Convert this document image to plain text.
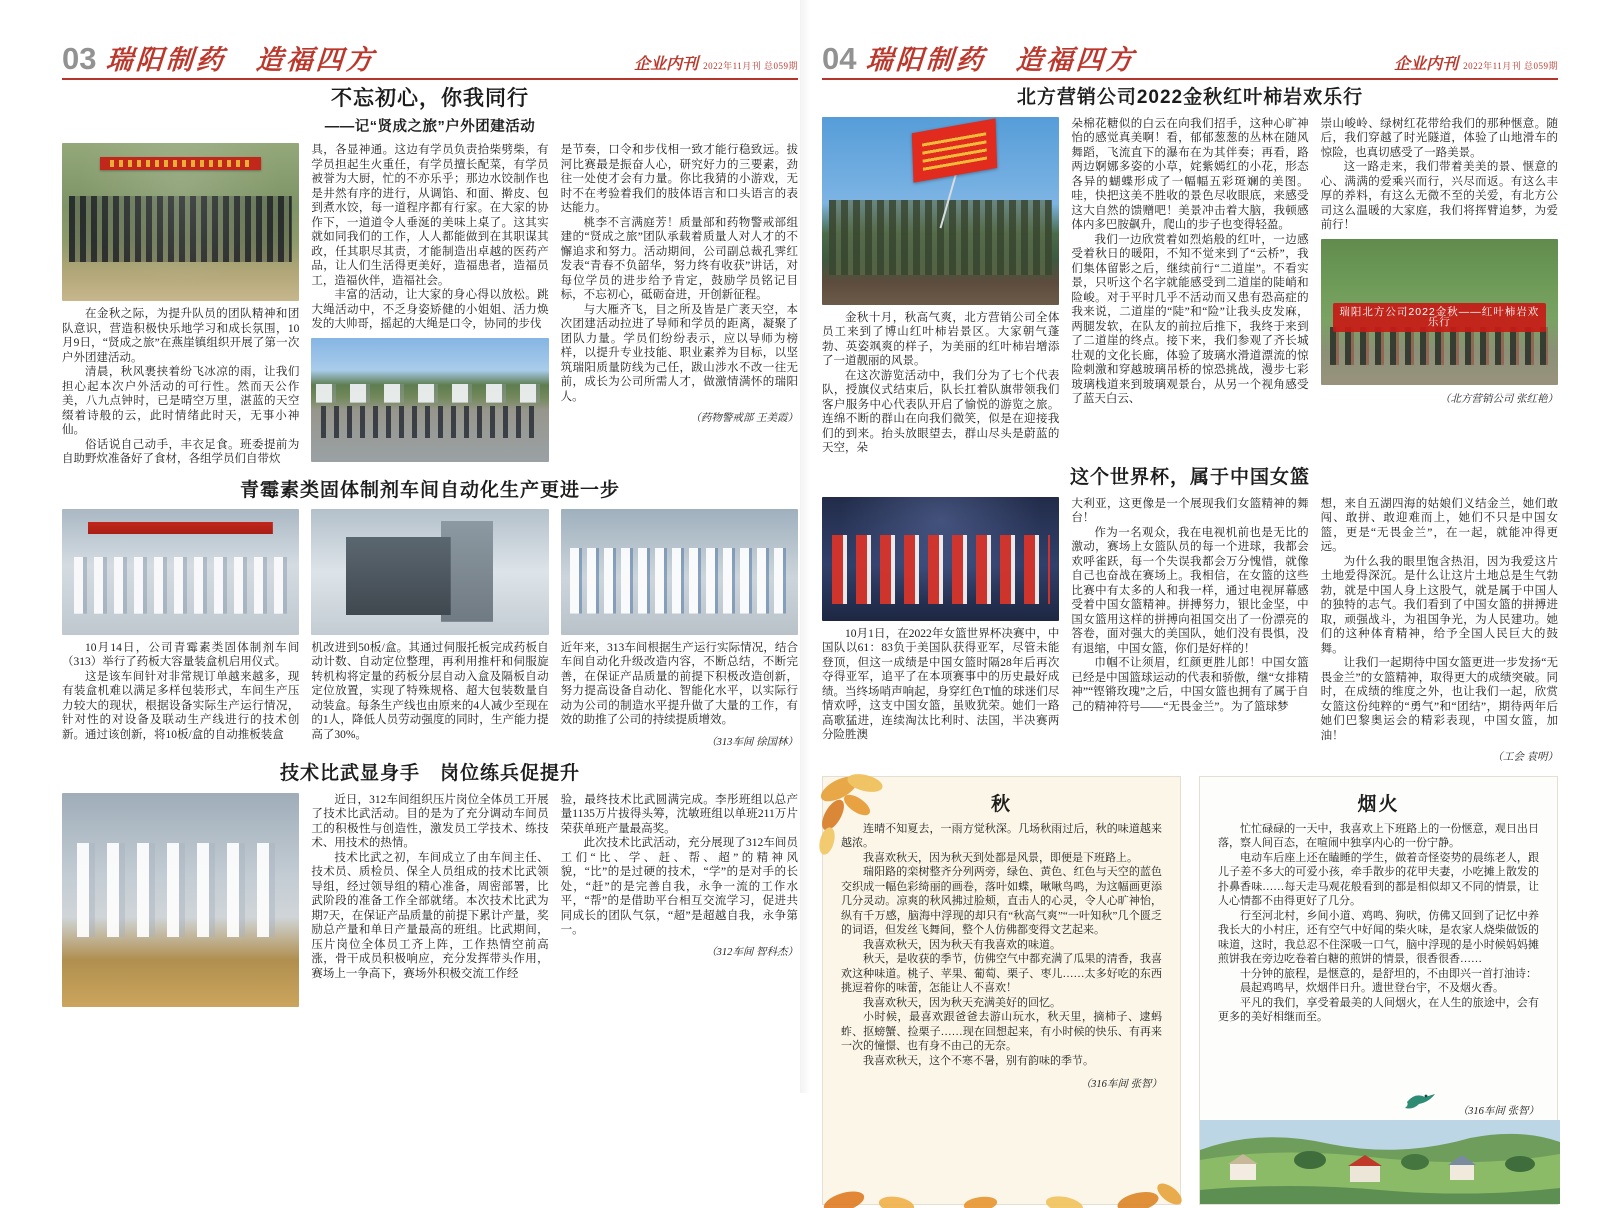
03 瑞阳制药　造福四方	企业内刊 2022年11月刊 总059期
不忘初心，你我同行
——记“贤成之旅”户外团建活动

在金秋之际，为提升队员的团队精神和团队意识，营造积极快乐地学习和成长氛围，10月9日，“贤成之旅”在燕崖镇组织开展了第一次户外团建活动。

清晨，秋风裹挟着纷飞冰凉的雨，让我们担心起本次户外活动的可行性。然而天公作美，八九点钟时，已是晴空万里，湛蓝的天空缀着诗般的云，此时情绪此时天，无事小神仙。

俗话说自己动手，丰衣足食。班委提前为自助野炊准备好了食材，各组学员们自带炊

具，各显神通。这边有学员负责拾柴劈柴，有学员担起生火重任，有学员擅长配菜，有学员被誉为大厨，忙的不亦乐乎；那边水饺制作也是井然有序的进行，从调馅、和面、擀皮、包到煮水饺，每一道程序都有行家。在大家的协作下，一道道令人垂涎的美味上桌了。这其实就如同我们的工作，人人都能做到在其职谋其政，任其职尽其责，才能制造出卓越的医药产品，让人们生活得更美好，造福患者，造福员工，造福伙伴，造福社会。

丰富的活动，让大家的身心得以放松。跳大绳活动中，不乏身姿矫健的小姐姐、活力焕发的大帅哥，摇起的大绳是口令，协同的步伐

是节奏，口令和步伐相一致才能行稳致远。拔河比赛最是振奋人心，研究好力的三要素，劲往一处使才会有力量。你比我猜的小游戏，无时不在考验着我们的肢体语言和口头语言的表达能力。

桃李不言满庭芳！质量部和药物警戒部组建的“贤成之旅”团队承载着质量人对人才的不懈追求和努力。活动期间，公司副总裁孔霁红发表“青春不负韶华，努力终有收获”讲话，对每位学员的进步给予肯定，鼓励学员铭记目标，不忘初心，砥砺奋进，开创新征程。

与大雁齐飞，目之所及皆是广袤天空，本次团建活动拉进了导师和学员的距离，凝聚了团队力量。学员们纷纷表示，应以导师为榜样，以提升专业技能、职业素养为目标，以坚筑瑞阳质量防线为己任，跋山涉水不改一往无前，成长为公司所需人才，做激情满怀的瑞阳人。

（药物警戒部 王美霞）

青霉素类固体制剂车间自动化生产更进一步

10月14日，公司青霉素类固体制剂车间（313）举行了药板大容量装盒机启用仪式。

这是该车间针对非常规订单越来越多，现有装盒机难以满足多样包装形式，车间生产压力较大的现状，根据设备实际生产运行情况，针对性的对设备及联动生产线进行的技术创新。通过该创新，将10板/盒的自动推板装盒

机改进到50板/盒。其通过伺服托板完成药板自动计数、自动定位整理，再利用推杆和伺服旋转机构将定量的药板分层自动入盒及隔板自动定位放置，实现了特殊规格、超大包装数量自动装盒。每条生产线也由原来的4人减少至现在的1人，降低人员劳动强度的同时，生产能力提高了30%。

近年来，313车间根据生产运行实际情况，结合车间自动化升级改造内容，不断总结，不断完善，在保证产品质量的前提下积极改造创新，努力提高设备自动化、智能化水平，以实际行动为公司的制造水平提升做了大量的工作，有效的助推了公司的持续提质增效。

（313车间 徐国林）

技术比武显身手　岗位练兵促提升

近日，312车间组织压片岗位全体员工开展了技术比武活动。目的是为了充分调动车间员工的积极性与创造性，激发员工学技术、练技术、用技术的热情。

技术比武之初，车间成立了由车间主任、技术员、质检员、保全人员组成的技术比武领导组，经过领导组的精心准备，周密部署，比武阶段的准备工作全部就绪。本次技术比武为期7天，在保证产品质量的前提下累计产量，奖励总产量和单日产量最高的班组。比武期间，压片岗位全体员工齐上阵，工作热情空前高涨，骨干成员积极响应，充分发挥带头作用，赛场上一争高下，赛场外积极交流工作经

验，最终技术比武圆满完成。李彤班组以总产量1135万片拔得头筹，沈敏班组以单班211万片荣获单班产量最高奖。

此次技术比武活动，充分展现了312车间员工们“比、学、赶、帮、超”的精神风貌，“比”的是过硬的技术，“学”的是对手的长处，“赶”的是完善自我，永争一流的工作水平，“帮”的是借助平台相互交流学习，促进共同成长的团队气氛，“超”是超越自我，永争第一。

（312车间 智科杰）

04 瑞阳制药　造福四方	企业内刊 2022年11月刊 总059期
北方营销公司2022金秋红叶柿岩欢乐行

金秋十月，秋高气爽，北方营销公司全体员工来到了博山红叶柿岩景区。大家朝气蓬勃、英姿飒爽的样子，为美丽的红叶柿岩增添了一道靓丽的风景。

在这次游览活动中，我们分为了七个代表队，授旗仪式结束后，队长扛着队旗带领我们客户服务中心代表队开启了愉悦的游览之旅。连绵不断的群山在向我们微笑，似是在迎接我们的到来。抬头放眼望去，群山尽头是蔚蓝的天空，朵

朵棉花糖似的白云在向我们招手，这种心旷神怡的感觉真美啊！看，郁郁葱葱的丛林在随风舞蹈，飞流直下的瀑布在为其伴奏；再看，路两边婀娜多姿的小草，姹紫嫣红的小花，形态各异的蝴蝶形成了一幅幅五彩斑斓的美图。哇，快把这美不胜收的景色尽收眼底，来感受这大自然的馈赠吧！美景冲击着大脑，我顿感体内多巴胺飙升，爬山的步子也变得轻盈。

我们一边欣赏着如烈焰般的红叶，一边感受着秋日的暖阳，不知不觉来到了“云桥”，我们集体留影之后，继续前行“二道崖”。不看实景，只听这个名字就能感受到二道崖的陡峭和险峻。对于平时几乎不活动而又患有恐高症的我来说，二道崖的“陡”和“险”让我头皮发麻，两腿发软，在队友的前拉后推下，我终于来到了二道崖的终点。接下来，我们参观了齐长城壮观的文化长廊，体验了玻璃水滑道漂流的惊险刺激和穿越玻璃吊桥的惊恐挑战，漫步七彩玻璃栈道来到玻璃观景台，从另一个视角感受了蓝天白云、

崇山峻岭、绿树红花带给我们的那种惬意。随后，我们穿越了时光隧道，体验了山地滑车的惊险，也真切感受了一路美景。

这一路走来，我们带着美美的景、惬意的心、满满的爱乘兴而行，兴尽而返。有这么丰厚的养料，有这么无微不至的关爱，有北方公司这么温暖的大家庭，我们将挥臂追梦，为爱前行！

瑞阳北方公司2022金秋——红叶柿岩欢乐行

（北方营销公司 张红艳）

这个世界杯，属于中国女篮

10月1日，在2022年女篮世界杯决赛中，中国队以61：83负于美国队获得亚军，尽管未能登顶，但这一成绩是中国女篮时隔28年后再次夺得亚军，追平了在本项赛事中的历史最好成绩。当终场哨声响起，身穿红色T恤的球迷们尽情欢呼，这支中国女篮，虽败犹荣。她们一路高歌猛进，连续淘汰比利时、法国，半决赛两分险胜澳

大利亚，这更像是一个展现我们女篮精神的舞台！

作为一名观众，我在电视机前也是无比的激动，赛场上女篮队员的每一个进球，我都会欢呼雀跃，每一个失误我都会万分愧惜，就像自己也奋战在赛场上。我相信，在女篮的这些比赛中有太多的人和我一样，通过电视屏幕感受着中国女篮精神。拼搏努力，银比金坚，中国女篮用这样的拼搏向祖国交出了一份漂亮的答卷，面对强大的美国队，她们没有畏惧，没有退缩，中国女篮，你们是好样的！

巾帼不让须眉，红颜更胜儿郎！中国女篮已经是中国篮球运动的代表和骄傲，继“女排精神”“铿锵玫瑰”之后，中国女篮也拥有了属于自己的精神符号——“无畏金兰”。为了篮球梦

想，来自五湖四海的姑娘们义结金兰，她们敢闯、敢拼、敢迎难而上，她们不只是中国女篮，更是“无畏金兰”，在一起，就能冲得更远。

为什么我的眼里饱含热泪，因为我爱这片土地爱得深沉。是什么让这片土地总是生气勃勃，就是中国人身上这股气，就是属于中国人的独特的志气。我们看到了中国女篮的拼搏进取，顽强战斗，为祖国争光，为人民建功。她们的这种体育精神，给予全国人民巨大的鼓舞。

让我们一起期待中国女篮更进一步发扬“无畏金兰”的女篮精神，取得更大的成绩突破。同时，在成绩的维度之外，也让我们一起，欣赏女篮这份纯粹的“勇气”和“团结”，期待两年后她们巴黎奥运会的精彩表现，中国女篮，加油！

（工会 袁明）

秋

连晴不知夏去，一雨方觉秋深。几场秋雨过后，秋的味道越来越浓。

我喜欢秋天，因为秋天到处都是风景，即便是下班路上。

瑞阳路的栾树整齐分列两旁，绿色、黄色、红色与天空的蓝色交织成一幅色彩绮丽的画卷，落叶如蝶，啾啾鸟鸣，为这幅画更添几分灵动。凉爽的秋风拂过脸颊，直击人的心灵，令人心旷神怡，纵有千万感，脑海中浮现的却只有“秋高气爽”“一叶知秋”几个匮乏的词语，但发丝飞舞间，整个人仿佛都变得文艺起来。

我喜欢秋天，因为秋天有我喜欢的味道。

秋天，是收获的季节，仿佛空气中都充满了瓜果的清香，我喜欢这种味道。桃子、苹果、葡萄、栗子、枣儿……太多好吃的东西挑逗着你的味蕾，怎能让人不喜欢！

我喜欢秋天，因为秋天充满美好的回忆。

小时候，最喜欢跟爸爸去游山玩水，秋天里，摘柿子、逮蚂蚱、抠螃蟹、捡栗子……现在回想起来，有小时候的快乐、有再来一次的憧憬、也有身不由己的无奈。

我喜欢秋天，这个不寒不暑，别有韵味的季节。

（316车间 张智）

烟火

忙忙碌碌的一天中，我喜欢上下班路上的一份惬意，观日出日落，察人间百态，在喧闹中独享内心的一份宁静。

电动车后座上还在瞌睡的学生，做着奇怪姿势的晨练老人，跟儿子差不多大的可爱小孩，牵手散步的花甲夫妻，小吃摊上散发的扑鼻香味……每天走马观花般看到的都是相似却又不同的情景，让人心情都不由得更好了几分。

行至河北村，乡间小道、鸡鸣、狗吠，仿佛又回到了记忆中养我长大的小村庄，还有空气中好闻的柴火味，是农家人烧柴做饭的味道，这时，我总忍不住深吸一口气，脑中浮现的是小时候妈妈摊煎饼我在旁边吃卷着白糖的煎饼的情景，很香很香……

十分钟的旅程，是惬意的，是舒坦的，不由即兴一首打油诗：

晨起鸡鸣早，炊烟伴日升。遗世登台宇，不及烟火香。

平凡的我们，享受着最美的人间烟火，在人生的旅途中，会有更多的美好相继而至。

（316车间 张智）
